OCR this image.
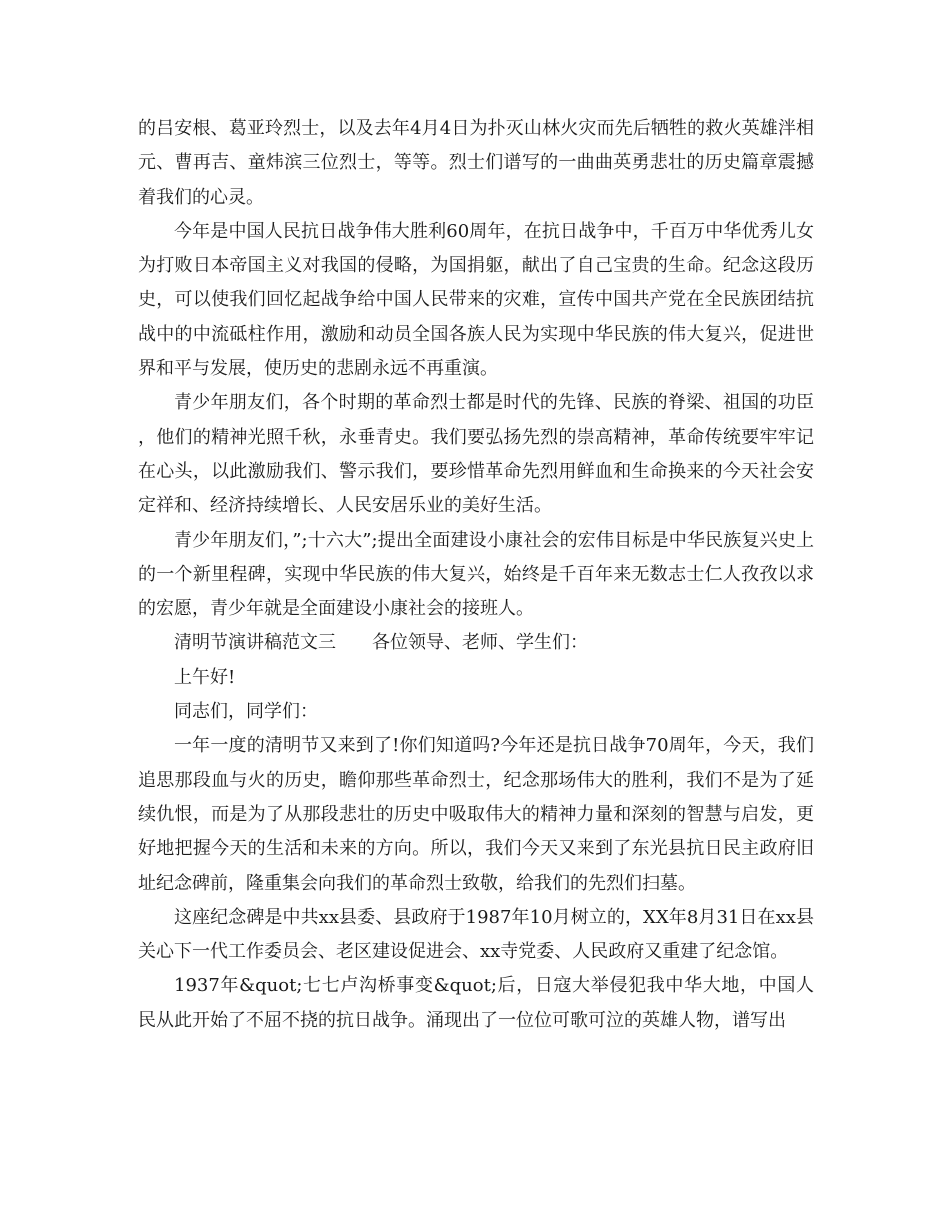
的吕安根、葛亚玲烈士，以及去年4月4日为扑灭山林火灾而先后牺牲的救火英雄泮相元、曹再吉、童炜滨三位烈士，等等。烈士们谱写的一曲曲英勇悲壮的历史篇章震撼着我们的心灵。

今年是中国人民抗日战争伟大胜利60周年，在抗日战争中，千百万中华优秀儿女为打败日本帝国主义对我国的侵略，为国捐躯，献出了自己宝贵的生命。纪念这段历史，可以使我们回忆起战争给中国人民带来的灾难，宣传中国共产党在全民族团结抗战中的中流砥柱作用，激励和动员全国各族人民为实现中华民族的伟大复兴，促进世界和平与发展，使历史的悲剧永远不再重演。

青少年朋友们，各个时期的革命烈士都是时代的先锋、民族的脊梁、祖国的功臣，他们的精神光照千秋，永垂青史。我们要弘扬先烈的崇高精神，革命传统要牢牢记在心头，以此激励我们、警示我们，要珍惜革命先烈用鲜血和生命换来的今天社会安定祥和、经济持续增长、人民安居乐业的美好生活。

青少年朋友们，”;十六大”;提出全面建设小康社会的宏伟目标是中华民族复兴史上的一个新里程碑，实现中华民族的伟大复兴，始终是千百年来无数志士仁人孜孜以求的宏愿，青少年就是全面建设小康社会的接班人。

清明节演讲稿范文三　　各位领导、老师、学生们：

上午好!

同志们，同学们：

一年一度的清明节又来到了!你们知道吗?今年还是抗日战争70周年，今天，我们追思那段血与火的历史，瞻仰那些革命烈士，纪念那场伟大的胜利，我们不是为了延续仇恨，而是为了从那段悲壮的历史中吸取伟大的精神力量和深刻的智慧与启发，更好地把握今天的生活和未来的方向。所以，我们今天又来到了东光县抗日民主政府旧址纪念碑前，隆重集会向我们的革命烈士致敬，给我们的先烈们扫墓。

这座纪念碑是中共xx县委、县政府于1987年10月树立的，XX年8月31日在xx县关心下一代工作委员会、老区建设促进会、xx寺党委、人民政府又重建了纪念馆。

1937年&quot;七七卢沟桥事变&quot;后，日寇大举侵犯我中华大地，中国人民从此开始了不屈不挠的抗日战争。涌现出了一位位可歌可泣的英雄人物，谱写出
